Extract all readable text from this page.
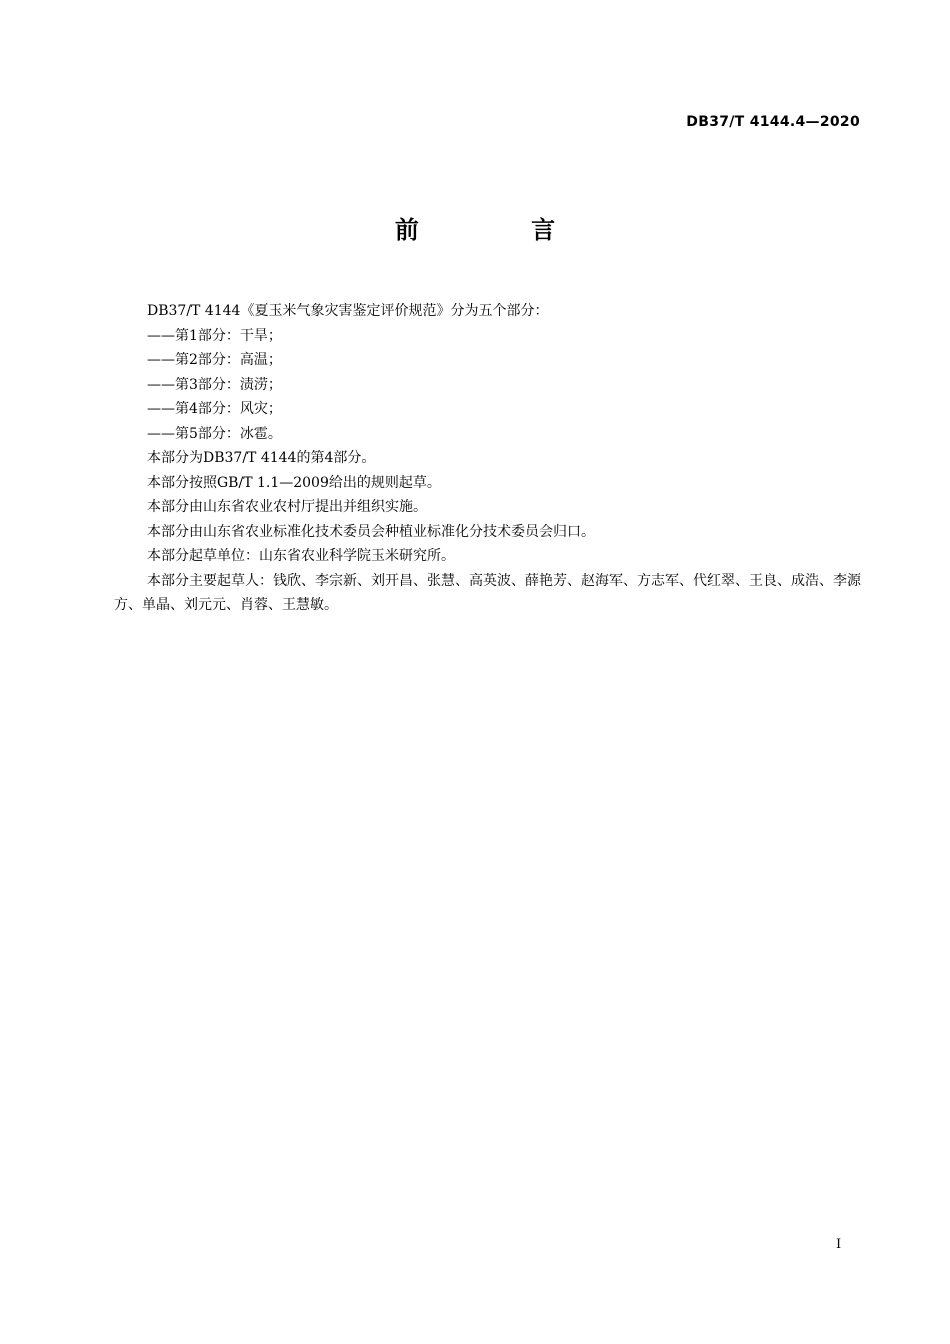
DB37/T 4144.4—2020
前 言

DB37/T 4144《夏玉米气象灾害鉴定评价规范》分为五个部分：

——第1部分：干旱；

——第2部分：高温；

——第3部分：渍涝；

——第4部分：风灾；

——第5部分：冰雹。

本部分为DB37/T 4144的第4部分。

本部分按照GB/T 1.1—2009给出的规则起草。

本部分由山东省农业农村厅提出并组织实施。

本部分由山东省农业标准化技术委员会种植业标准化分技术委员会归口。

本部分起草单位：山东省农业科学院玉米研究所。

本部分主要起草人：钱欣、李宗新、刘开昌、张慧、高英波、薛艳芳、赵海军、方志军、代红翠、王良、成浩、李源方、单晶、刘元元、肖蓉、王慧敏。

I
